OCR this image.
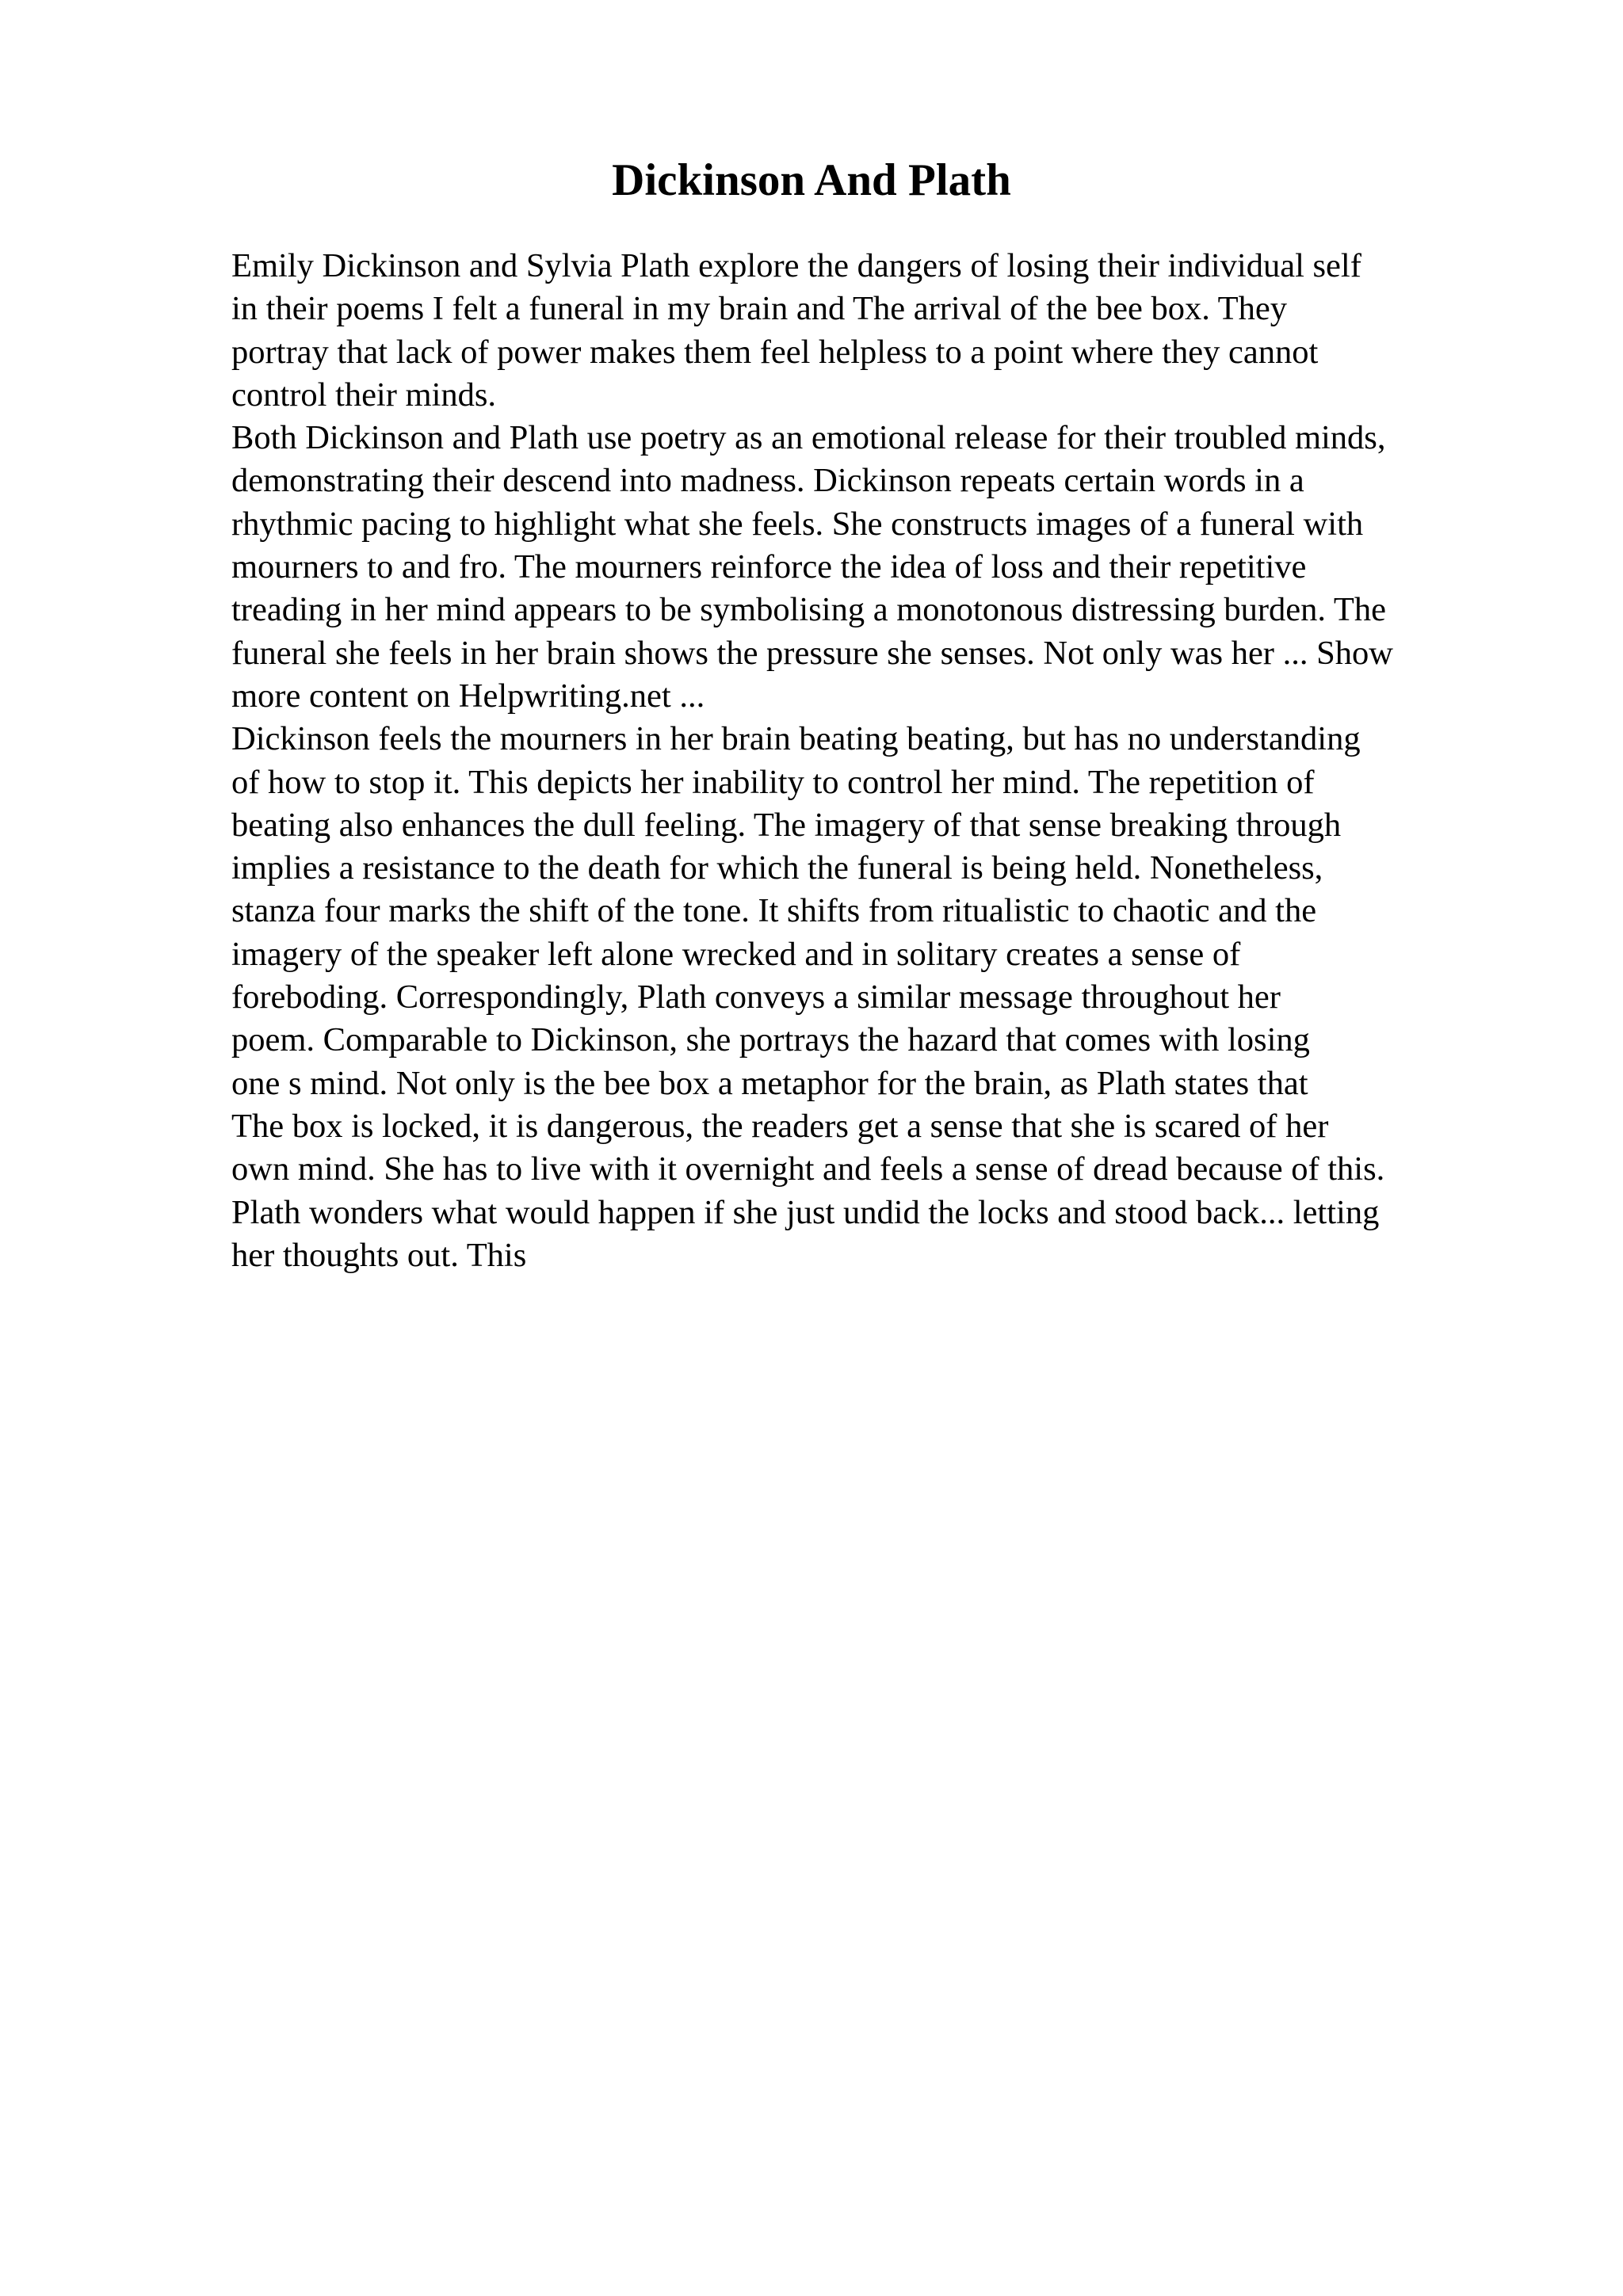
Dickinson And Plath
Emily Dickinson and Sylvia Plath explore the dangers of losing their individual self
in their poems I felt a funeral in my brain and The arrival of the bee box. They
portray that lack of power makes them feel helpless to a point where they cannot
control their minds.
Both Dickinson and Plath use poetry as an emotional release for their troubled minds,
demonstrating their descend into madness. Dickinson repeats certain words in a
rhythmic pacing to highlight what she feels. She constructs images of a funeral with
mourners to and fro. The mourners reinforce the idea of loss and their repetitive
treading in her mind appears to be symbolising a monotonous distressing burden. The
funeral she feels in her brain shows the pressure she senses. Not only was her ... Show
more content on Helpwriting.net ...
Dickinson feels the mourners in her brain beating beating, but has no understanding
of how to stop it. This depicts her inability to control her mind. The repetition of
beating also enhances the dull feeling. The imagery of that sense breaking through
implies a resistance to the death for which the funeral is being held. Nonetheless,
stanza four marks the shift of the tone. It shifts from ritualistic to chaotic and the
imagery of the speaker left alone wrecked and in solitary creates a sense of
foreboding. Correspondingly, Plath conveys a similar message throughout her
poem. Comparable to Dickinson, she portrays the hazard that comes with losing
one s mind. Not only is the bee box a metaphor for the brain, as Plath states that
The box is locked, it is dangerous, the readers get a sense that she is scared of her
own mind. She has to live with it overnight and feels a sense of dread because of this.
Plath wonders what would happen if she just undid the locks and stood back... letting
her thoughts out. This
